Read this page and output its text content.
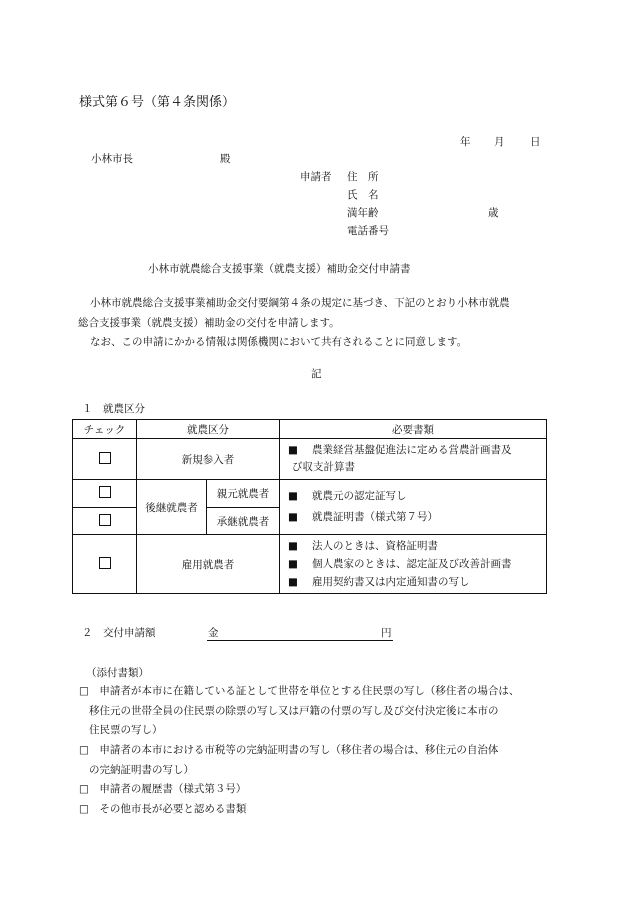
様式第６号（第４条関係）
年 月 日
小林市長	殿
申請者 住　所
氏　名
満年齢	歳
電話番号
小林市就農総合支援事業（就農支援）補助金交付申請書
小林市就農総合支援事業補助金交付要綱第４条の規定に基づき、下記のとおり小林市就農
総合支援事業（就農支援）補助金の交付を申請します。
なお、この申請にかかる情報は関係機関において共有されることに同意します。
記
１　就農区分
チェック	就農区分		必要書類
	新規参入者		■ 農業経営基盤促進法に定める営農計画書及
び収支計算書

	後継就農者	親元就農者	■ 就農元の認定証写し
■ 就農証明書（様式第７号）

		承継就農者	
	雇用就農者		■ 法人のときは、資格証明書
■ 個人農家のときは、認定証及び改善計画書
■ 雇用契約書又は内定通知書の写し
２　交付申請額	金	円
（添付書類）
□　 申請者が本市に在籍している証として世帯を単位とする住民票の写し（移住者の場合は、
移住元の世帯全員の住民票の除票の写し又は戸籍の付票の写し及び交付決定後に本市の
住民票の写し）
□　 申請者の本市における市税等の完納証明書の写し（移住者の場合は、移住元の自治体
の完納証明書の写し）
□　 申請者の履歴書（様式第３号）
□　 その他市長が必要と認める書類
